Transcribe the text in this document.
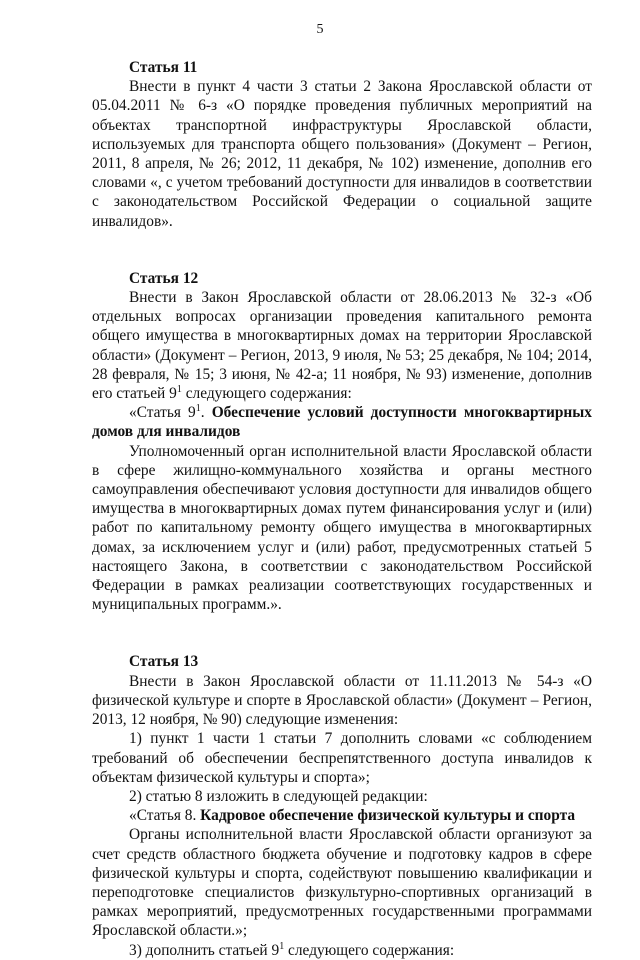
5

Статья 11

Внести в пункт 4 части 3 статьи 2 Закона Ярославской области от 05.04.2011 № 6-з «О порядке проведения публичных мероприятий на объектах транспортной инфраструктуры Ярославской области, используемых для транспорта общего пользования» (Документ – Регион, 2011, 8 апреля, № 26; 2012, 11 декабря, № 102) изменение, дополнив его словами «, с учетом требований доступности для инвалидов в соответствии с законодательством Российской Федерации о социальной защите инвалидов».

Статья 12

Внести в Закон Ярославской области от 28.06.2013 № 32-з «Об отдельных вопросах организации проведения капитального ремонта общего имущества в многоквартирных домах на территории Ярославской области» (Документ – Регион, 2013, 9 июля, № 53; 25 декабря, № 104; 2014, 28 февраля, № 15; 3 июня, № 42-а; 11 ноября, № 93) изменение, дополнив его статьей $9^1$ следующего содержания:

«Статья $9^1$. Обеспечение условий доступности многоквартирных домов для инвалидов

Уполномоченный орган исполнительной власти Ярославской области в сфере жилищно-коммунального хозяйства и органы местного самоуправления обеспечивают условия доступности для инвалидов общего имущества в многоквартирных домах путем финансирования услуг и (или) работ по капитальному ремонту общего имущества в многоквартирных домах, за исключением услуг и (или) работ, предусмотренных статьей 5 настоящего Закона, в соответствии с законодательством Российской Федерации в рамках реализации соответствующих государственных и муниципальных программ.».

Статья 13

Внести в Закон Ярославской области от 11.11.2013 № 54-з «О физической культуре и спорте в Ярославской области» (Документ – Регион, 2013, 12 ноября, № 90) следующие изменения:

1) пункт 1 части 1 статьи 7 дополнить словами «с соблюдением требований об обеспечении беспрепятственного доступа инвалидов к объектам физической культуры и спорта»;

2) статью 8 изложить в следующей редакции:

«Статья 8. Кадровое обеспечение физической культуры и спорта

Органы исполнительной власти Ярославской области организуют за счет средств областного бюджета обучение и подготовку кадров в сфере физической культуры и спорта, содействуют повышению квалификации и переподготовке специалистов физкультурно-спортивных организаций в рамках мероприятий, предусмотренных государственными программами Ярославской области.»;

3) дополнить статьей $9^1$ следующего содержания:
